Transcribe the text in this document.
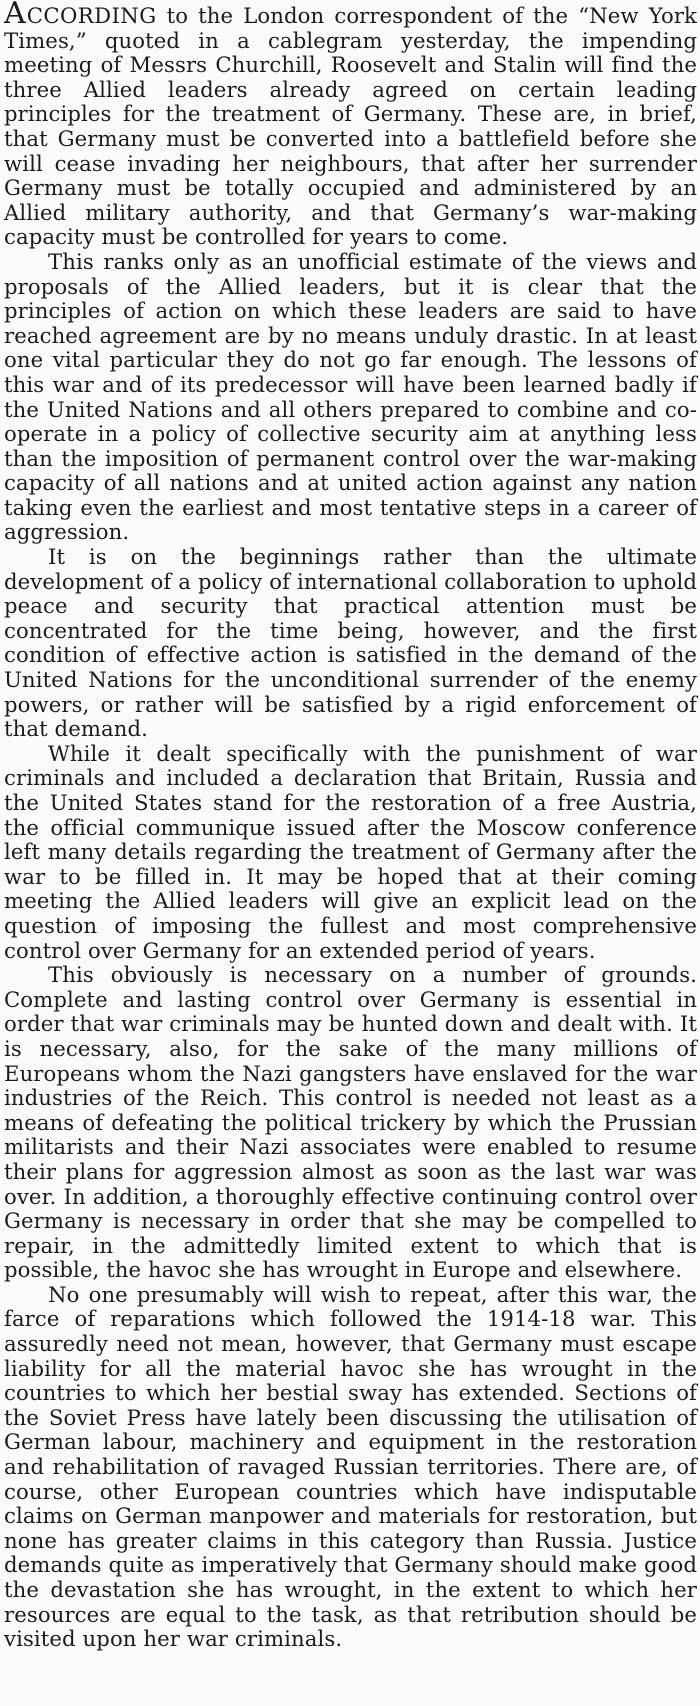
ACCORDING to the London correspondent of the “New York Times,” quoted in a cablegram yesterday, the impending meeting of Messrs Churchill, Roosevelt and Stalin will find the three Allied leaders already agreed on certain leading principles for the treatment of Germany. These are, in brief, that Germany must be converted into a battlefield before she will cease invading her neighbours, that after her surrender Germany must be totally occupied and administered by an Allied military authority, and that Germany’s war-making capacity must be controlled for years to come.

This ranks only as an unofficial estimate of the views and proposals of the Allied leaders, but it is clear that the principles of action on which these leaders are said to have reached agreement are by no means unduly drastic. In at least one vital particular they do not go far enough. The lessons of this war and of its predecessor will have been learned badly if the United Nations and all others prepared to combine and co-operate in a policy of collective security aim at anything less than the imposition of permanent control over the war-making capacity of all nations and at united action against any nation taking even the earliest and most tentative steps in a career of aggression.

It is on the beginnings rather than the ultimate development of a policy of international collaboration to uphold peace and security that practical attention must be concentrated for the time being, however, and the first condition of effective action is satisfied in the demand of the United Nations for the unconditional surrender of the enemy powers, or rather will be satisfied by a rigid enforcement of that demand.

While it dealt specifically with the punishment of war criminals and included a declaration that Britain, Russia and the United States stand for the restoration of a free Austria, the official communique issued after the Moscow conference left many details regarding the treatment of Germany after the war to be filled in. It may be hoped that at their coming meeting the Allied leaders will give an explicit lead on the question of imposing the fullest and most comprehensive control over Germany for an extended period of years.

This obviously is necessary on a number of grounds. Complete and lasting control over Germany is essential in order that war criminals may be hunted down and dealt with. It is necessary, also, for the sake of the many millions of Europeans whom the Nazi gangsters have enslaved for the war industries of the Reich. This control is needed not least as a means of defeating the political trickery by which the Prussian militarists and their Nazi associates were enabled to resume their plans for aggression almost as soon as the last war was over. In addition, a thoroughly effective continuing control over Germany is necessary in order that she may be compelled to repair, in the admittedly limited extent to which that is possible, the havoc she has wrought in Europe and elsewhere.

No one presumably will wish to repeat, after this war, the farce of reparations which followed the 1914-18 war. This assuredly need not mean, however, that Germany must escape liability for all the material havoc she has wrought in the countries to which her bestial sway has extended. Sections of the Soviet Press have lately been discussing the utilisation of German labour, machinery and equipment in the restoration and rehabilitation of ravaged Russian territories. There are, of course, other European countries which have indisputable claims on German manpower and materials for restoration, but none has greater claims in this category than Russia. Justice demands quite as imperatively that Germany should make good the devastation she has wrought, in the extent to which her resources are equal to the task, as that retribution should be visited upon her war criminals.
